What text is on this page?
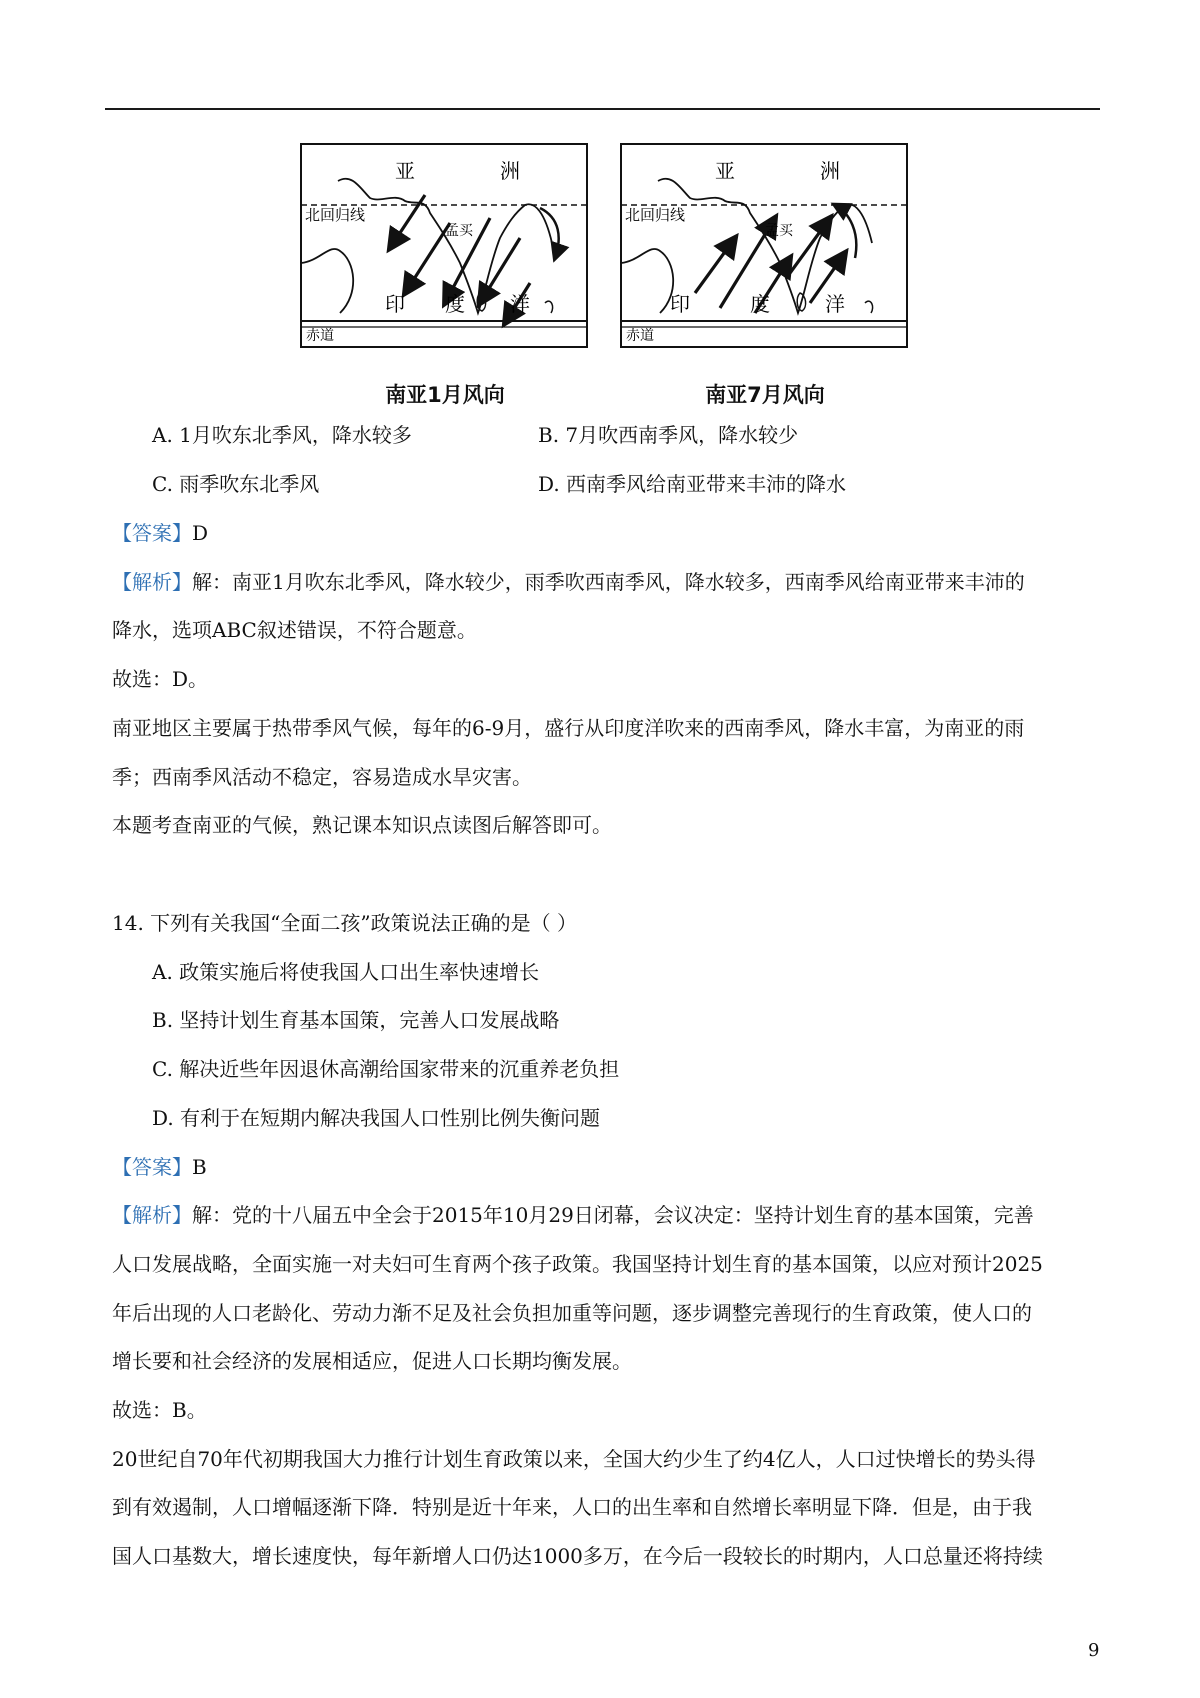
亚	洲
北回归线
孟买
印 度 洋
赤道
亚	洲
北回归线
孟买
印	度	洋
赤道
南亚1月风向	南亚7月风向
A. 1月吹东北季风，降水较多	B. 7月吹西南季风，降水较少
C. 雨季吹东北季风	D. 西南季风给南亚带来丰沛的降水
【答案】D
【解析】解：南亚1月吹东北季风，降水较少，雨季吹西南季风，降水较多，西南季风给南亚带来丰沛的
降水，选项ABC叙述错误，不符合题意。
故选：D。
南亚地区主要属于热带季风气候，每年的6-9月，盛行从印度洋吹来的西南季风，降水丰富，为南亚的雨
季；西南季风活动不稳定，容易造成水旱灾害。
本题考查南亚的气候，熟记课本知识点读图后解答即可。
14. 下列有关我国“全面二孩”政策说法正确的是（ ）
A. 政策实施后将使我国人口出生率快速增长
B. 坚持计划生育基本国策，完善人口发展战略
C. 解决近些年因退休高潮给国家带来的沉重养老负担
D. 有利于在短期内解决我国人口性别比例失衡问题
【答案】B
【解析】解：党的十八届五中全会于2015年10月29日闭幕，会议决定：坚持计划生育的基本国策，完善
人口发展战略，全面实施一对夫妇可生育两个孩子政策。我国坚持计划生育的基本国策，以应对预计2025
年后出现的人口老龄化、劳动力渐不足及社会负担加重等问题，逐步调整完善现行的生育政策，使人口的
增长要和社会经济的发展相适应，促进人口长期均衡发展。
故选：B。
20世纪自70年代初期我国大力推行计划生育政策以来，全国大约少生了约4亿人，人口过快增长的势头得
到有效遏制，人口增幅逐渐下降．特别是近十年来，人口的出生率和自然增长率明显下降．但是，由于我
国人口基数大，增长速度快，每年新增人口仍达1000多万，在今后一段较长的时期内，人口总量还将持续
9
